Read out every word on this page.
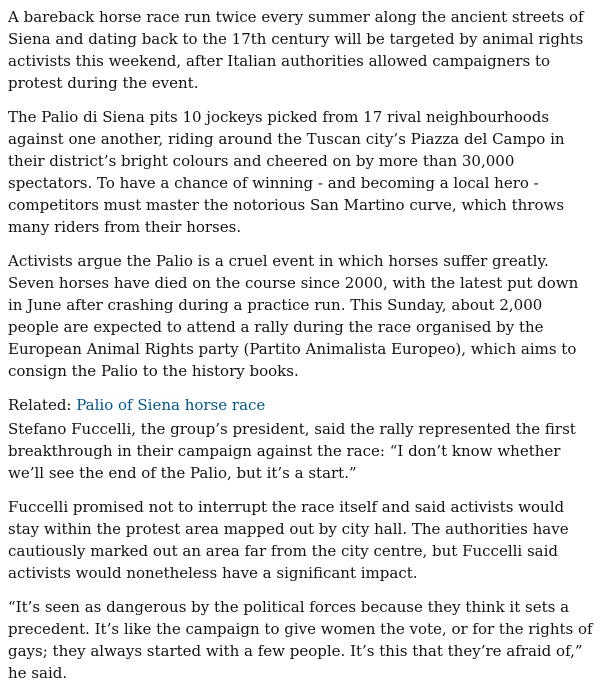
A bareback horse race run twice every summer along the ancient streets of Siena and dating back to the 17th century will be targeted by animal rights activists this weekend, after Italian authorities allowed campaigners to protest during the event.

The Palio di Siena pits 10 jockeys picked from 17 rival neighbourhoods against one another, riding around the Tuscan city’s Piazza del Campo in their district’s bright colours and cheered on by more than 30,000 spectators. To have a chance of winning - and becoming a local hero - competitors must master the notorious San Martino curve, which throws many riders from their horses.

Activists argue the Palio is a cruel event in which horses suffer greatly. Seven horses have died on the course since 2000, with the latest put down in June after crashing during a practice run. This Sunday, about 2,000 people are expected to attend a rally during the race organised by the European Animal Rights party (Partito Animalista Europeo), which aims to consign the Palio to the history books.

Related: Palio of Siena horse race

Stefano Fuccelli, the group’s president, said the rally represented the first breakthrough in their campaign against the race: “I don’t know whether we’ll see the end of the Palio, but it’s a start.”

Fuccelli promised not to interrupt the race itself and said activists would stay within the protest area mapped out by city hall. The authorities have cautiously marked out an area far from the city centre, but Fuccelli said activists would nonetheless have a significant impact.

“It’s seen as dangerous by the political forces because they think it sets a precedent. It’s like the campaign to give women the vote, or for the rights of gays; they always started with a few people. It’s this that they’re afraid of,” he said.
